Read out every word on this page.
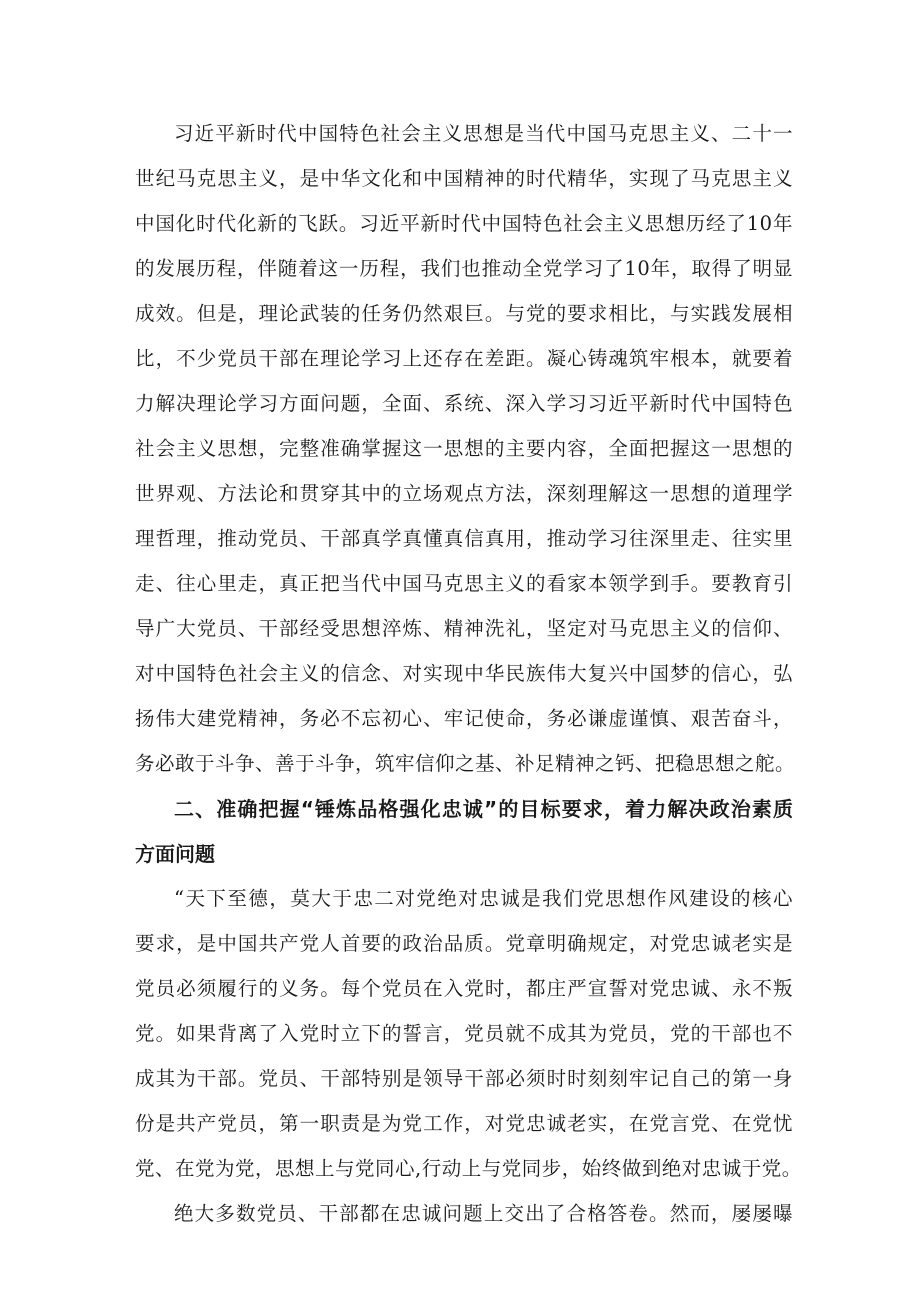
习近平新时代中国特色社会主义思想是当代中国马克思主义、二十一
世纪马克思主义，是中华文化和中国精神的时代精华，实现了马克思主义
中国化时代化新的飞跃。习近平新时代中国特色社会主义思想历经了10年
的发展历程，伴随着这一历程，我们也推动全党学习了10年，取得了明显
成效。但是，理论武装的任务仍然艰巨。与党的要求相比，与实践发展相
比，不少党员干部在理论学习上还存在差距。凝心铸魂筑牢根本，就要着
力解决理论学习方面问题，全面、系统、深入学习习近平新时代中国特色
社会主义思想，完整准确掌握这一思想的主要内容，全面把握这一思想的
世界观、方法论和贯穿其中的立场观点方法，深刻理解这一思想的道理学
理哲理，推动党员、干部真学真懂真信真用，推动学习往深里走、往实里
走、往心里走，真正把当代中国马克思主义的看家本领学到手。要教育引
导广大党员、干部经受思想淬炼、精神洗礼，坚定对马克思主义的信仰、
对中国特色社会主义的信念、对实现中华民族伟大复兴中国梦的信心，弘
扬伟大建党精神，务必不忘初心、牢记使命，务必谦虚谨慎、艰苦奋斗，
务必敢于斗争、善于斗争，筑牢信仰之基、补足精神之钙、把稳思想之舵。
二、准确把握“锤炼品格强化忠诚”的目标要求，着力解决政治素质
方面问题
“天下至德，莫大于忠二对党绝对忠诚是我们党思想作风建设的核心
要求，是中国共产党人首要的政治品质。党章明确规定，对党忠诚老实是
党员必须履行的义务。每个党员在入党时，都庄严宣誓对党忠诚、永不叛
党。如果背离了入党时立下的誓言，党员就不成其为党员，党的干部也不
成其为干部。党员、干部特别是领导干部必须时时刻刻牢记自己的第一身
份是共产党员，第一职责是为党工作，对党忠诚老实，在党言党、在党忧
党、在党为党，思想上与党同心,行动上与党同步，始终做到绝对忠诚于党。
绝大多数党员、干部都在忠诚问题上交出了合格答卷。然而，屡屡曝
